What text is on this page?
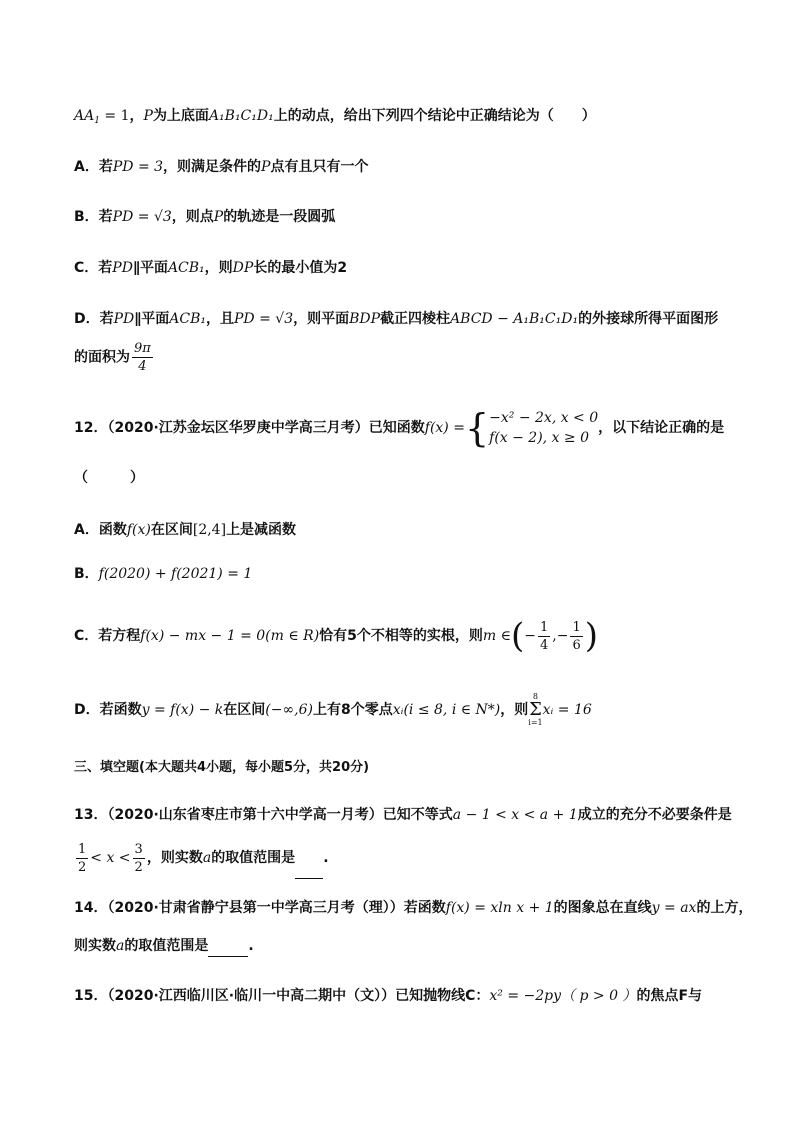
$AA_1 = 1$，P为上底面A₁B₁C₁D₁上的动点，给出下列四个结论中正确结论为（　　）
A．若PD = 3，则满足条件的P点有且只有一个
B．若PD = √3，则点P的轨迹是一段圆弧
C．若PD∥平面ACB₁，则DP长的最小值为2
D．若PD∥平面ACB₁，且PD = √3，则平面BDP截正四棱柱ABCD − A₁B₁C₁D₁的外接球所得平面图形
的面积为 $\frac{9\pi}{4}$
12．（2020·江苏金坛区华罗庚中学高三月考）已知函数f(x) ={ −x² − 2x, x < 0
f(x − 2), x ≥ 0
，以下结论正确的是
（　　　）
A．函数f(x)在区间[2,4]上是减函数
B．f(2020) + f(2021) = 1
C．若方程f(x) − mx − 1 = 0(m ∈ R)恰有5个不相等的实根，则m ∈(− $\frac{1}{4}$ ,− $\frac{1}{6}$ )
D．若函数y = f(x) − k在区间(−∞,6)上有8个零点xᵢ(i ≤ 8, i ∈ N*)，则
8
Σ
i=1
xᵢ = 16
三、填空题(本大题共4小题，每小题5分，共20分)
13．（2020·山东省枣庄市第十六中学高一月考）已知不等式a − 1 < x < a + 1成立的充分不必要条件是
$\frac{1}{2} < x < \frac{3}{2}$ ，则实数a的取值范围是 .
14．（2020·甘肃省静宁县第一中学高三月考（理））若函数f(x) = xln x + 1的图象总在直线y = ax的上方，
则实数a的取值范围是	.
15．（2020·江西临川区·临川一中高二期中（文））已知抛物线C：x² = −2py（ p > 0 ）的焦点F与
